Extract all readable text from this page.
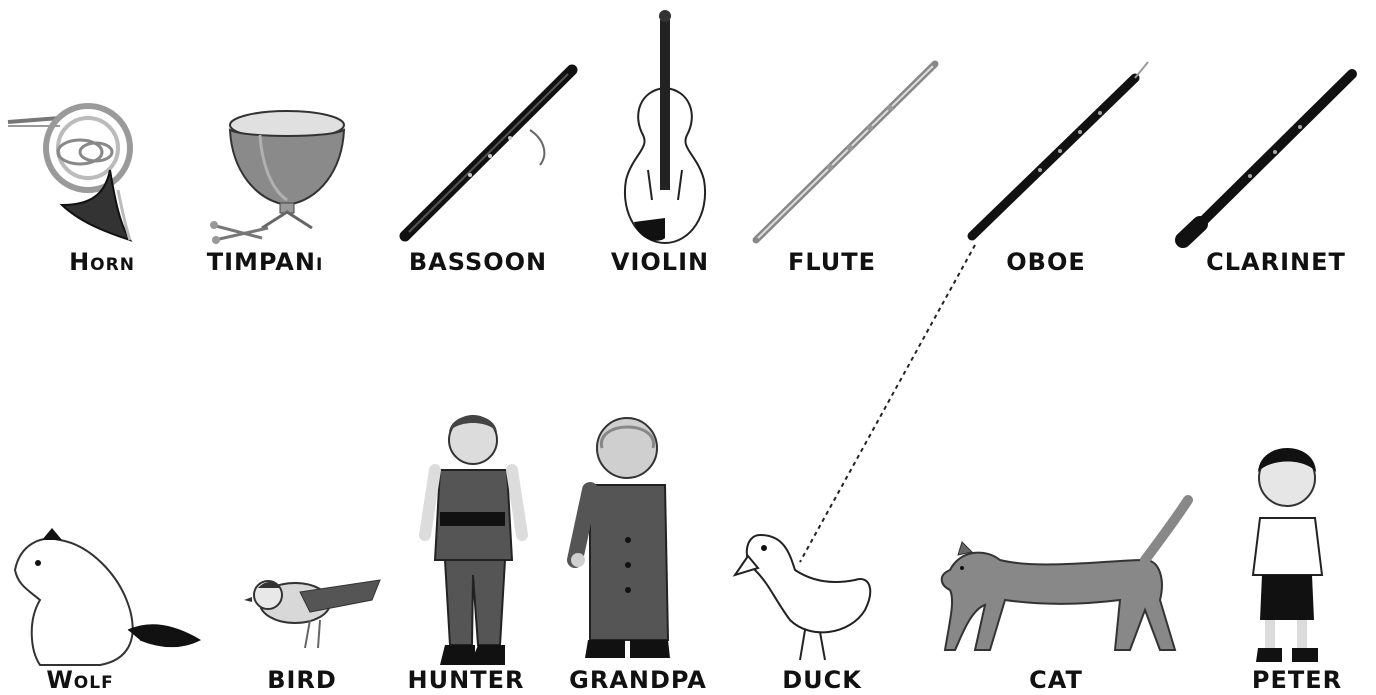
Horn	TIMPANi	BASSOON	VIOLIN	FLUTE	OBOE	CLARINET
Wolf	BIRD	HUNTER GRANDPA	DUCK	CAT	PETER
